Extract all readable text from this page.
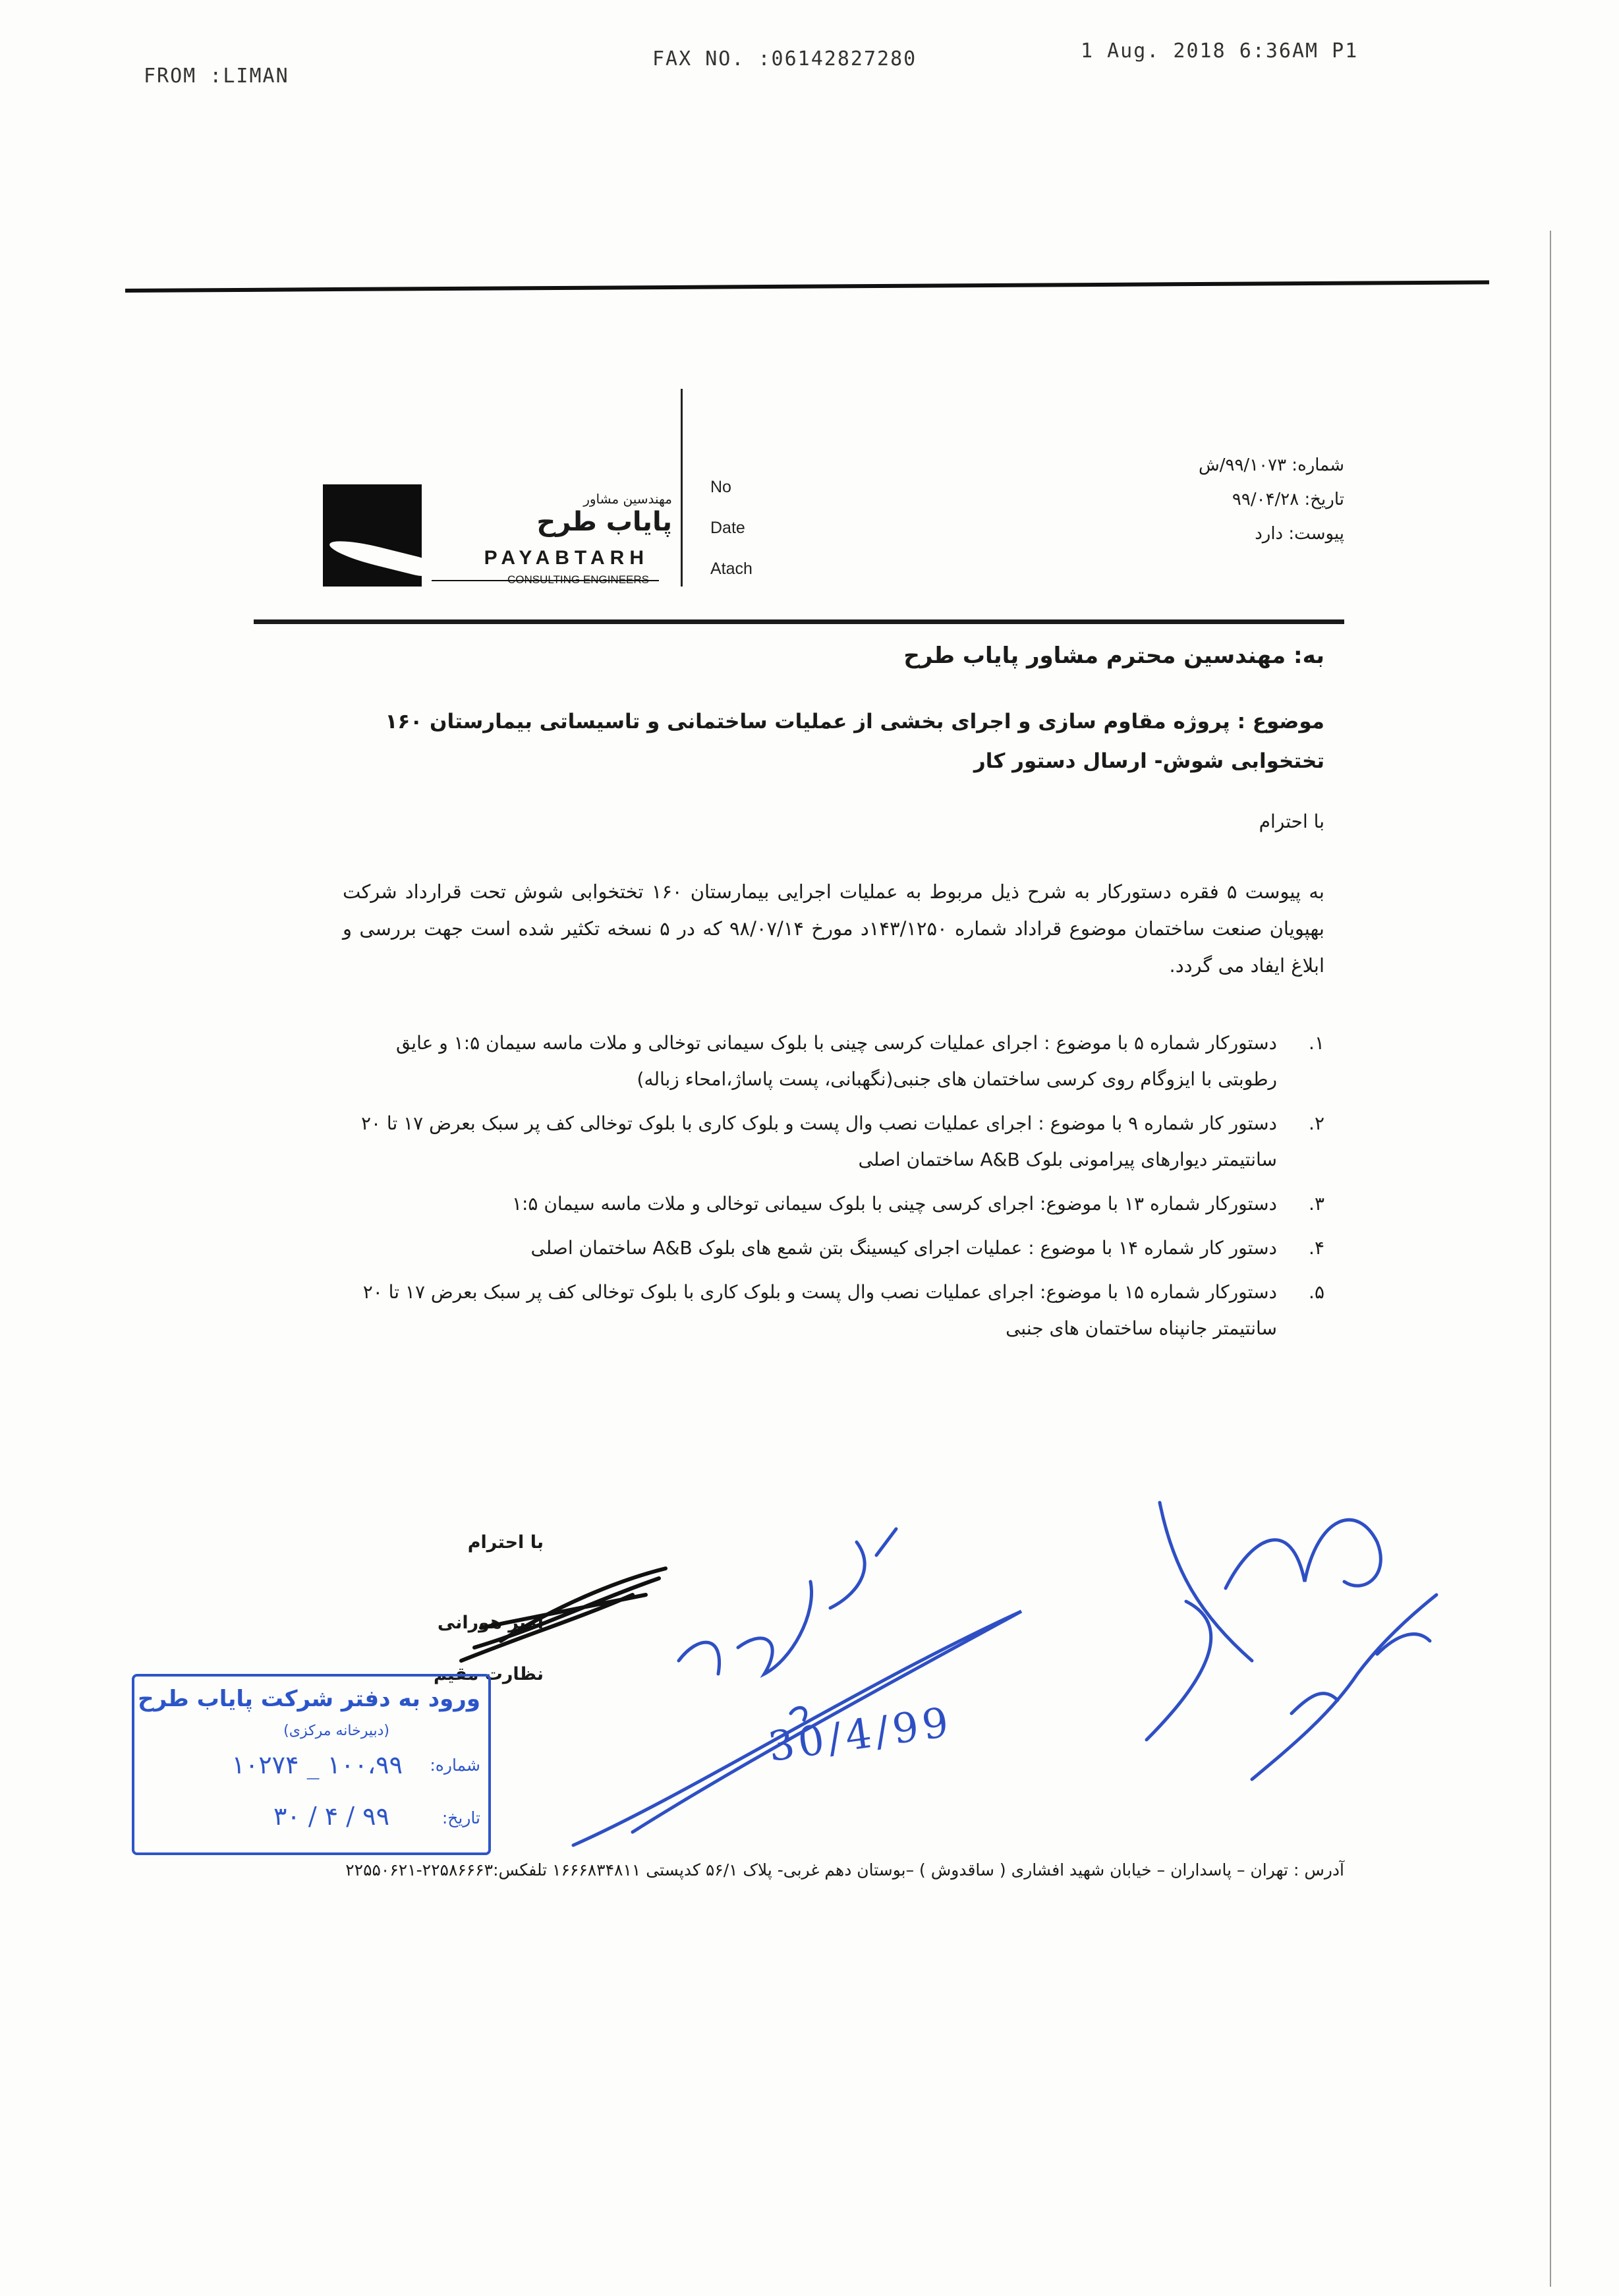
FROM :LIMAN
FAX NO. :06142827280	1 Aug. 2018 6:36AM P1
مهندسین مشاور
پایاب طرح
PAYABTARH
No
Date
Atach
شماره: ۹۹/۱۰۷۳/ش
تاریخ: ۹۹/۰۴/۲۸
پیوست: دارد
به: مهندسین محترم مشاور پایاب طرح
موضوع : پروژه مقاوم سازی و اجرای بخشی از عملیات ساختمانی و تاسیساتی بیمارستان ۱۶۰ تختخوابی شوش- ارسال دستور کار
با احترام
به پیوست ۵ فقره دستورکار به شرح ذیل مربوط به عملیات اجرایی بیمارستان ۱۶۰ تختخوابی شوش تحت قرارداد شرکت بهپویان صنعت ساختمان موضوع قراداد شماره ۱۴۳/۱۲۵۰د مورخ ۹۸/۰۷/۱۴ که در ۵ نسخه تکثیر شده است جهت بررسی و ابلاغ ایفاد می گردد.
۱.
دستورکار شماره ۵ با موضوع : اجرای عملیات کرسی چینی با بلوک سیمانی توخالی و ملات ماسه سیمان ۱:۵ و عایق رطوبتی با ایزوگام روی کرسی ساختمان های جنبی(نگهبانی، پست پاساژ،امحاء زباله)
۲.
دستور کار شماره ۹ با موضوع : اجرای عملیات نصب وال پست و بلوک کاری با بلوک توخالی کف پر سبک بعرض ۱۷ تا ۲۰ سانتیمتر دیوارهای پیرامونی بلوک A&B ساختمان اصلی
۳.
دستورکار شماره ۱۳ با موضوع: اجرای کرسی چینی با بلوک سیمانی توخالی و ملات ماسه سیمان ۱:۵
۴.
دستور کار شماره ۱۴ با موضوع : عملیات اجرای کیسینگ بتن شمع های بلوک A&B ساختمان اصلی
۵.
دستورکار شماره ۱۵ با موضوع: اجرای عملیات نصب وال پست و بلوک کاری با بلوک توخالی کف پر سبک بعرض ۱۷ تا ۲۰ سانتیمتر جانپناه ساختمان های جنبی
با احترام
امیر هورانی
نظارت مقیم
30/4/99
ورود به دفتر شرکت پایاب طرح
(دبیرخانه مرکزی)
شماره:
۱۰۰،۹۹ _ ۱۰۲۷۴
تاریخ:
۹۹ / ۴ / ۳۰
آدرس : تهران – پاسداران – خیابان شهید افشاری ( ساقدوش ) –بوستان دهم غربی- پلاک ۵۶/۱ کدپستی ۱۶۶۶۸۳۴۸۱۱ تلفکس:۲۲۵۸۶۶۶۳-۲۲۵۵۰۶۲۱
